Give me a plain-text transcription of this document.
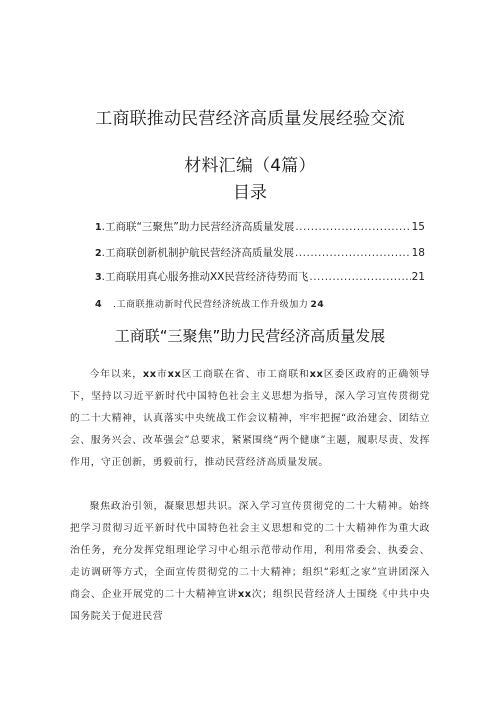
工商联推动民营经济高质量发展经验交流
材料汇编（4篇）
目录
1 .工商联“三聚焦”助力民营经济高质量发展 .....	15
2 .工商联创新机制护航民营经济高质量发展 .....	18
3 .工商联用真心服务推动XX民营经济待势而飞 .....	21
4	.工商联推动新时代民营经济统战工作升级加力 24
工商联“三聚焦”助力民营经济高质量发展

今年以来，xx市xx区工商联在省、市工商联和xx区委区政府的正确领导下，坚持以习近平新时代中国特色社会主义思想为指导，深入学习宣传贯彻党的二十大精神，认真落实中央统战工作会议精神，牢牢把握“政治建会、团结立会、服务兴会、改革强会”总要求，紧紧围绕“两个健康”主题，履职尽责、发挥作用，守正创新，勇毅前行，推动民营经济高质量发展。

聚焦政治引领，凝聚思想共识。深入学习宣传贯彻党的二十大精神。始终把学习贯彻习近平新时代中国特色社会主义思想和党的二十大精神作为重大政治任务，充分发挥党组理论学习中心组示范带动作用，利用常委会、执委会、走访调研等方式，全面宣传贯彻党的二十大精神；组织“彩虹之家”宣讲团深入商会、企业开展党的二十大精神宣讲xx次；组织民营经济人士围绕《中共中央国务院关于促进民营
